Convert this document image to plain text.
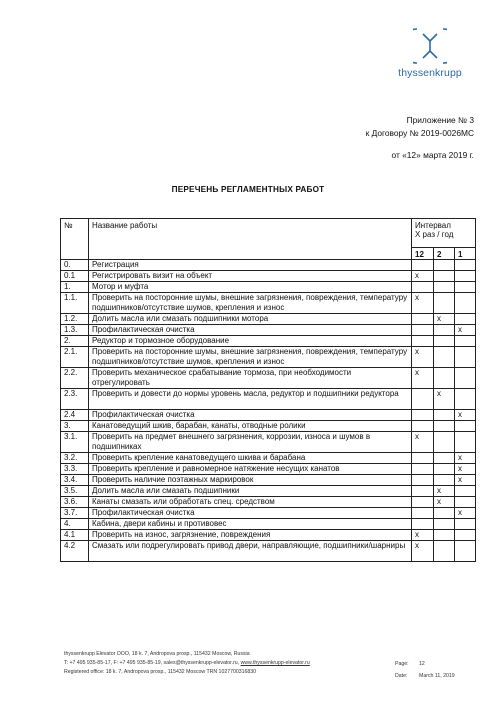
thyssenkrupp
Приложение № 3
к Договору № 2019-0026МС
от «12» марта 2019 г.
ПЕРЕЧЕНЬ РЕГЛАМЕНТНЫХ РАБОТ
№	Название работы	Интервал
Х раз / год		

		12	2	1
0.	Регистрация			
0.1	Регистрировать визит на объект	x		
1.	Мотор и муфта			
1.1.	Проверить на посторонние шумы, внешние загрязнения, повреждения, температуру подшипников/отсутствие шумов, крепления и износ	x		
1.2.	Долить масла или смазать подшипники мотора		x	
1.3.	Профилактическая очистка			x
2.	Редуктор и тормозное оборудование			
2.1.	Проверить на посторонние шумы, внешние загрязнения, повреждения, температуру подшипников/отсутствие шумов, крепления и износ	x		
2.2.	Проверить механическое срабатывание тормоза, при необходимости отрегулировать	x		
2.3.	Проверить и довести до нормы уровень масла, редуктор и подшипники редуктора		x	
2.4	Профилактическая очистка			x
3.	Канатоведущий шкив, барабан, канаты, отводные ролики			
3.1.	Проверить на предмет внешнего загрязнения, коррозии, износа и шумов в подшипниках	x		
3.2.	Проверить крепление канатоведущего шкива и барабана			x
3.3.	Проверить крепление и равномерное натяжение несущих канатов			x
3.4.	Проверить наличие поэтажных маркировок			x
3.5.	Долить масла или смазать подшипники		x	
3.6.	Канаты смазать или обработать спец. средством		x	
3.7.	Профилактическая очистка			x
4.	Кабина, двери кабины и противовес			
4.1	Проверить на износ, загрязнение, повреждения	x		
4.2	Смазать или подрегулировать привод двери, направляющие, подшипники/шарниры	x		
thyssenkrupp Elevator ООО, 18 k. 7, Andropova prosp., 115432 Moscow, Russia
T: +7 495 935-85-17, F: +7 495 935-85-19, sales@thyssenkrupp-elevator.ru, www.thyssenkrupp-elevator.ru
Registered office: 18 k. 7, Andropova prosp., 115432 Moscow TRN 1027700316830
Page: 12
Date: March 11, 2019
